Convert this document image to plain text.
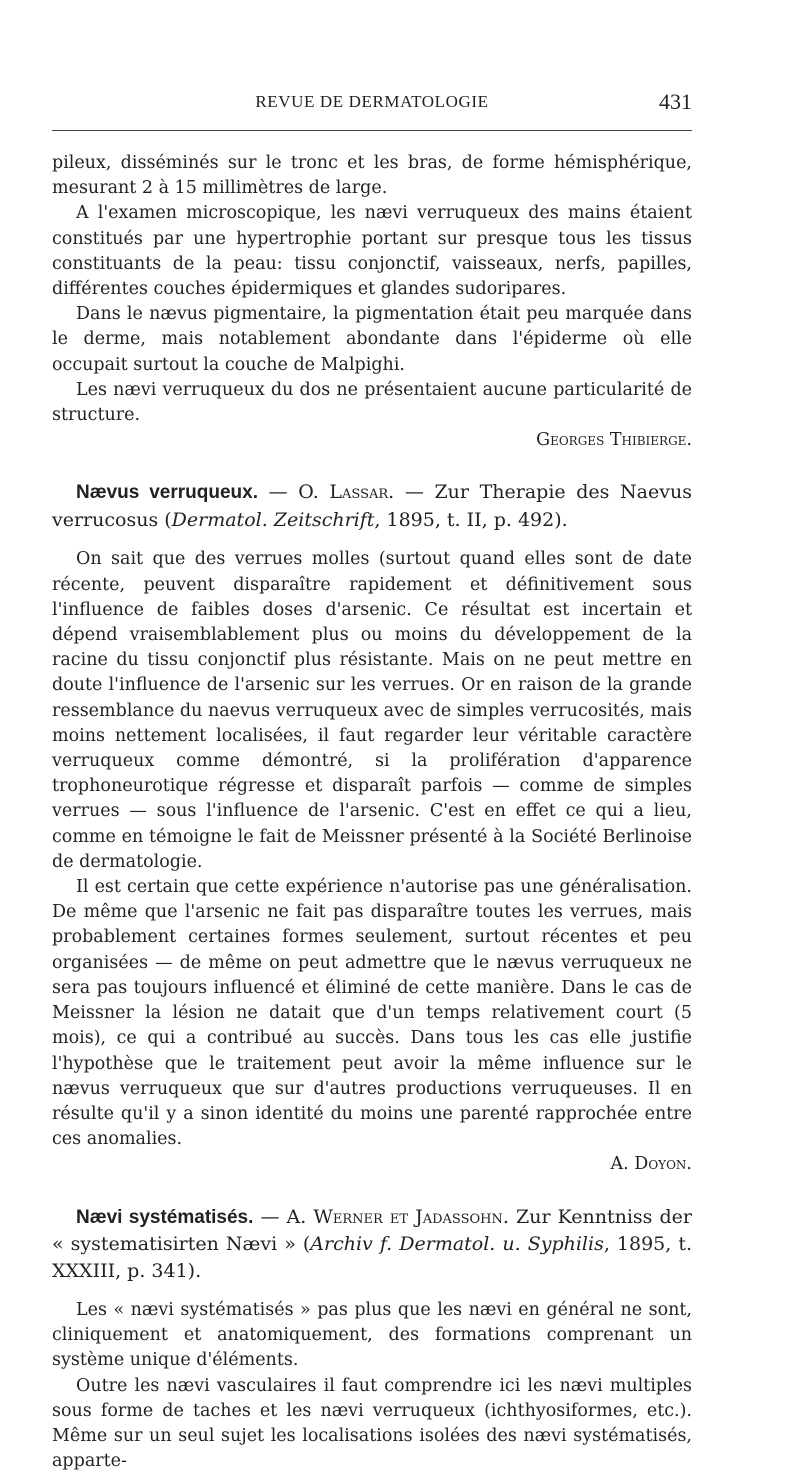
REVUE DE DERMATOLOGIE	431

pileux, disséminés sur le tronc et les bras, de forme hémisphérique, mesurant 2 à 15 millimètres de large.

A l'examen microscopique, les nævi verruqueux des mains étaient constitués par une hypertrophie portant sur presque tous les tissus constituants de la peau: tissu conjonctif, vaisseaux, nerfs, papilles, différentes couches épidermiques et glandes sudoripares.

Dans le nævus pigmentaire, la pigmentation était peu marquée dans le derme, mais notablement abondante dans l'épiderme où elle occupait surtout la couche de Malpighi.

Les nævi verruqueux du dos ne présentaient aucune particularité de structure.

Georges Thibierge.

Nævus verruqueux. — O. Lassar. — Zur Therapie des Naevus verrucosus (Dermatol. Zeitschrift, 1895, t. II, p. 492).

On sait que des verrues molles (surtout quand elles sont de date récente, peuvent disparaître rapidement et définitivement sous l'influence de faibles doses d'arsenic. Ce résultat est incertain et dépend vraisemblablement plus ou moins du développement de la racine du tissu conjonctif plus résistante. Mais on ne peut mettre en doute l'influence de l'arsenic sur les verrues. Or en raison de la grande ressemblance du naevus verruqueux avec de simples verrucosités, mais moins nettement localisées, il faut regarder leur véritable caractère verruqueux comme démontré, si la prolifération d'apparence trophoneurotique régresse et disparaît parfois — comme de simples verrues — sous l'influence de l'arsenic. C'est en effet ce qui a lieu, comme en témoigne le fait de Meissner présenté à la Société Berlinoise de dermatologie.

Il est certain que cette expérience n'autorise pas une généralisation. De même que l'arsenic ne fait pas disparaître toutes les verrues, mais probablement certaines formes seulement, surtout récentes et peu organisées — de même on peut admettre que le nævus verruqueux ne sera pas toujours influencé et éliminé de cette manière. Dans le cas de Meissner la lésion ne datait que d'un temps relativement court (5 mois), ce qui a contribué au succès. Dans tous les cas elle justifie l'hypothèse que le traitement peut avoir la même influence sur le nævus verruqueux que sur d'autres productions verruqueuses. Il en résulte qu'il y a sinon identité du moins une parenté rapprochée entre ces anomalies.

A. Doyon.

Nævi systématisés. — A. Werner et Jadassohn. Zur Kenntniss der « systematisirten Nævi » (Archiv f. Dermatol. u. Syphilis, 1895, t. XXXIII, p. 341).

Les « nævi systématisés » pas plus que les nævi en général ne sont, cliniquement et anatomiquement, des formations comprenant un système unique d'éléments.

Outre les nævi vasculaires il faut comprendre ici les nævi multiples sous forme de taches et les nævi verruqueux (ichthyosiformes, etc.). Même sur un seul sujet les localisations isolées des nævi systématisés, apparte-
